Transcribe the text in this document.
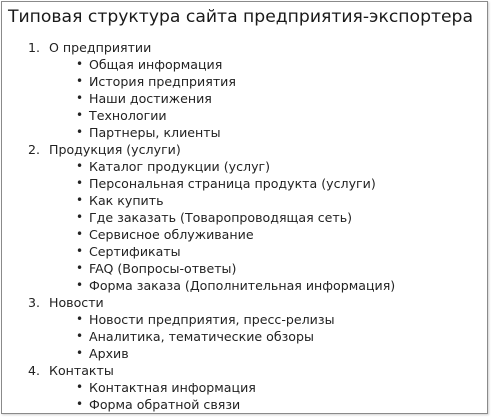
Типовая структура сайта предприятия-экспортера
1. О предприятии
• Общая информация
• История предприятия
• Наши достижения
• Технологии
• Партнеры, клиенты
2. Продукция (услуги)
• Каталог продукции (услуг)
• Персональная страница продукта (услуги)
• Как купить
• Где заказать (Товаропроводящая сеть)
• Сервисное облуживание
• Сертификаты
• FAQ (Вопросы-ответы)
• Форма заказа (Дополнительная информация)
3. Новости
• Новости предприятия, пресс-релизы
• Аналитика, тематические обзоры
• Архив
4. Контакты
• Контактная информация
• Форма обратной связи
